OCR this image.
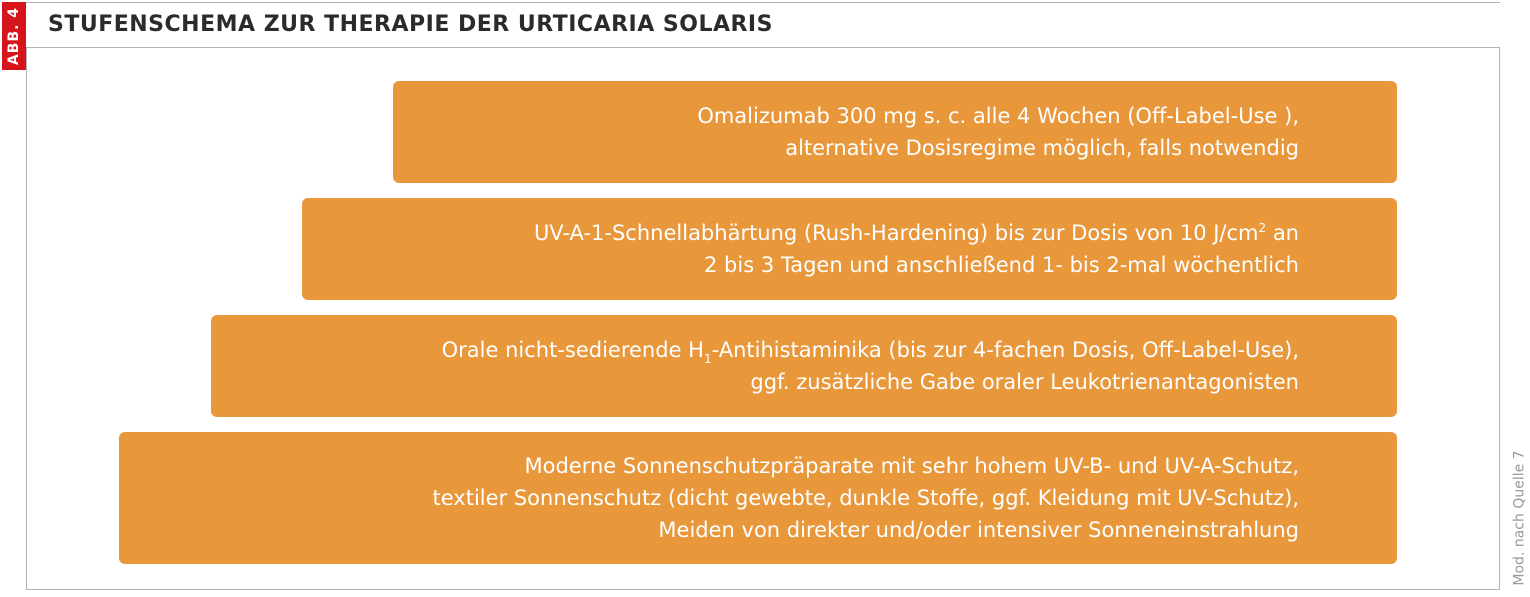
ABB. 4 STUFENSCHEMA ZUR THERAPIE DER URTICARIA SOLARIS
Omalizumab 300 mg s. c. alle 4 Wochen (Off-Label-Use ),
alternative Dosisregime möglich, falls notwendig
UV-A-1-Schnellabhärtung (Rush-Hardening) bis zur Dosis von 10 $J/cm^2$ an
2 bis 3 Tagen und anschließend 1- bis 2-mal wöchentlich
Orale nicht-sedierende $H_1$-Antihistaminika (bis zur 4-fachen Dosis, Off-Label-Use),
ggf. zusätzliche Gabe oraler Leukotrienantagonisten
Moderne Sonnenschutzpräparate mit sehr hohem UV-B- und UV-A-Schutz,
textiler Sonnenschutz (dicht gewebte, dunkle Stoffe, ggf. Kleidung mit UV-Schutz),
Meiden von direkter und/oder intensiver Sonneneinstrahlung	Mod. nach Quelle 7
